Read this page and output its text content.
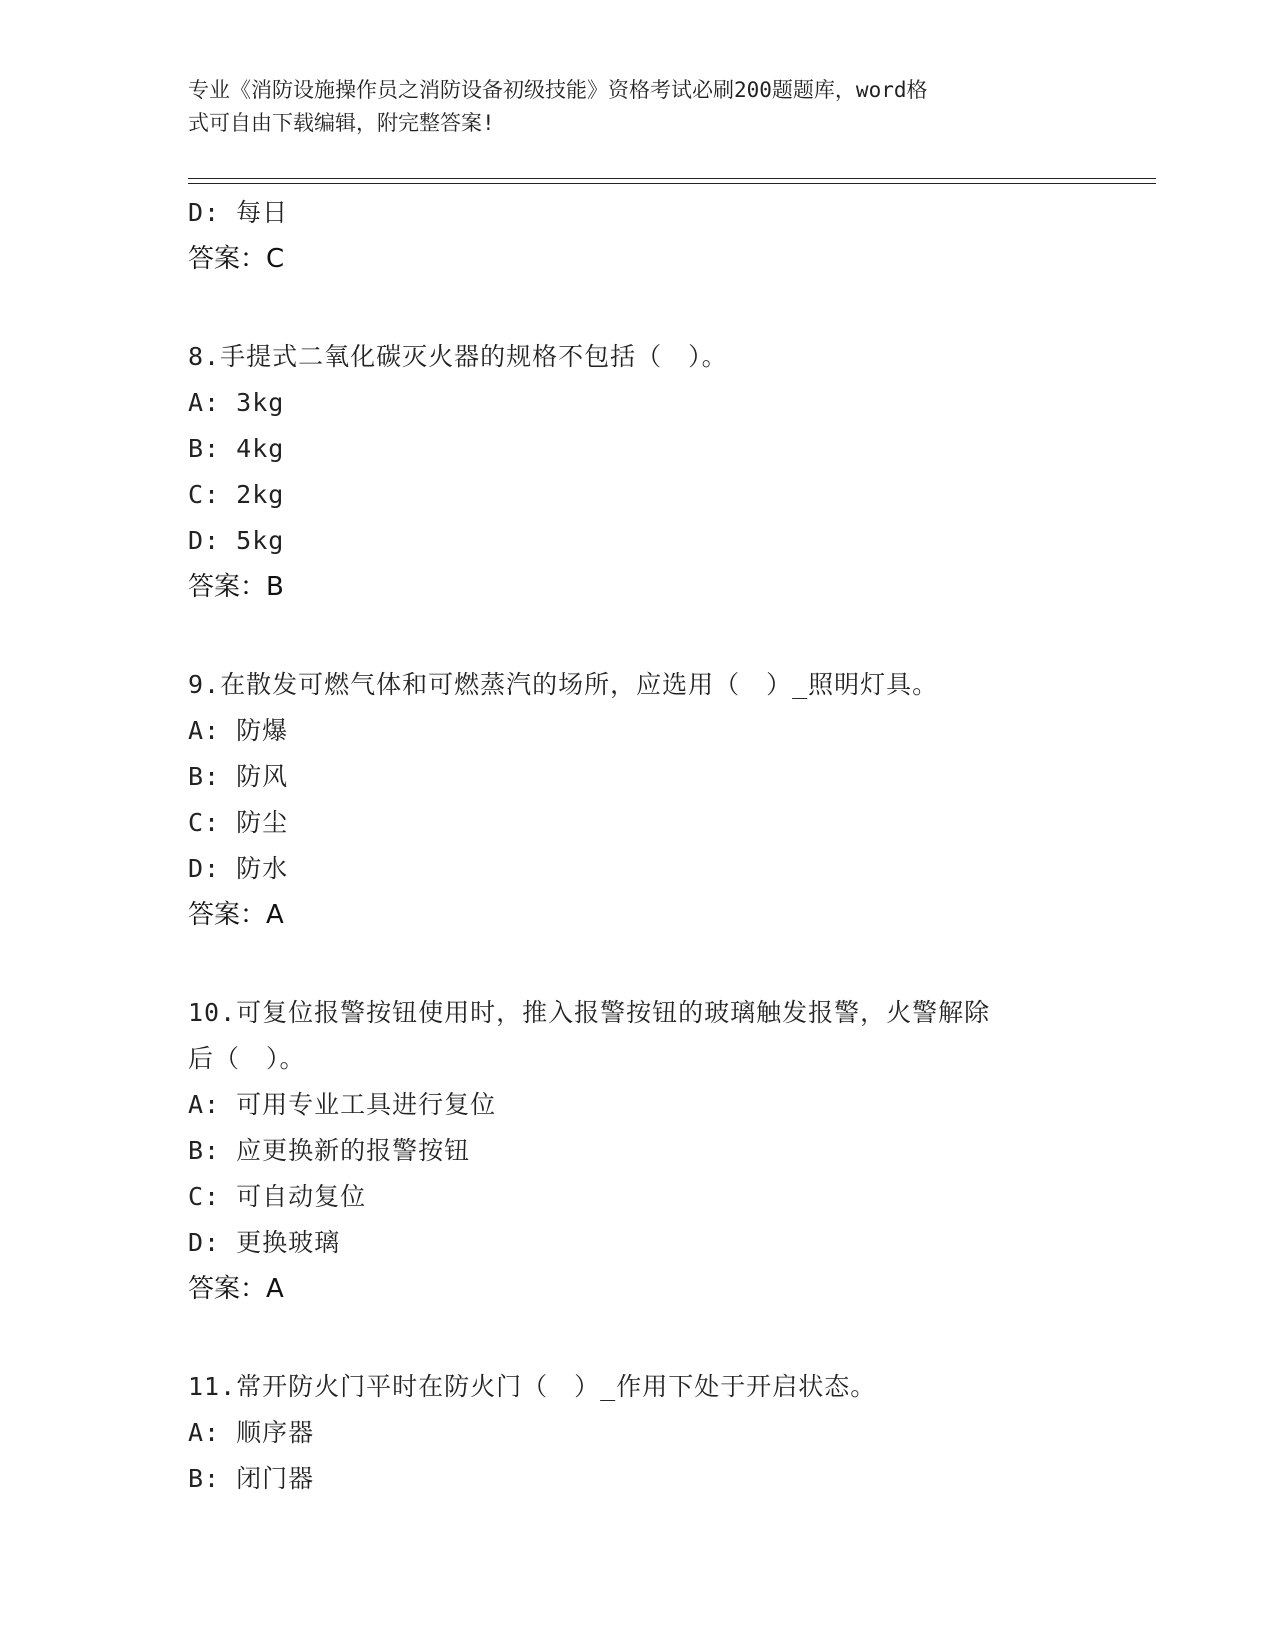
专业《消防设施操作员之消防设备初级技能》资格考试必刷200题题库，word格
式可自由下载编辑，附完整答案!
D: 每日
答案：C
8.手提式二氧化碳灭火器的规格不包括（　）。
A: 3kg
B: 4kg
C: 2kg
D: 5kg
答案：B
9.在散发可燃气体和可燃蒸汽的场所，应选用（　）_照明灯具。
A: 防爆
B: 防风
C: 防尘
D: 防水
答案：A
10.可复位报警按钮使用时，推入报警按钮的玻璃触发报警，火警解除
后（　）。
A: 可用专业工具进行复位
B: 应更换新的报警按钮
C: 可自动复位
D: 更换玻璃
答案：A
11.常开防火门平时在防火门（　）_作用下处于开启状态。
A: 顺序器
B: 闭门器
